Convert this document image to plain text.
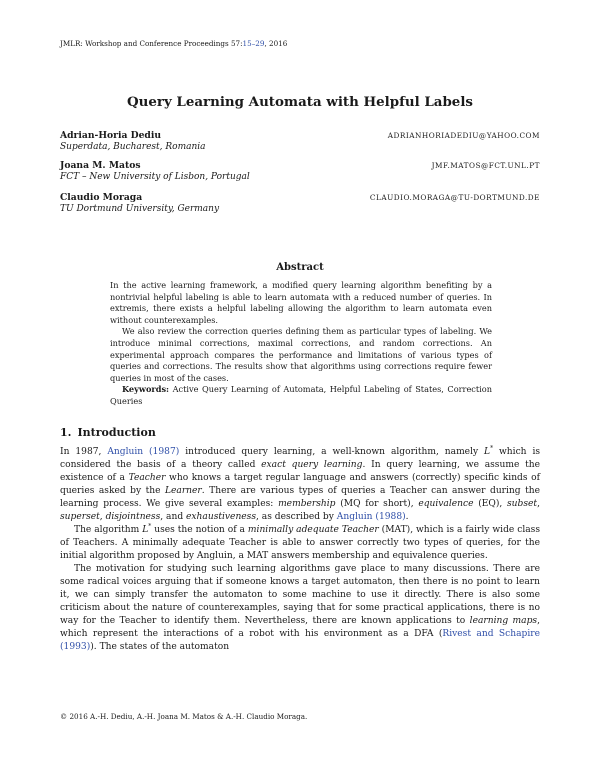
JMLR: Workshop and Conference Proceedings 57:15–29, 2016
Query Learning Automata with Helpful Labels
Adrian-Horia Dediu	ADRIANHORIADEDIU@YAHOO.COM
Superdata, Bucharest, Romania
Joana M. Matos	JMF.MATOS@FCT.UNL.PT
FCT – New University of Lisbon, Portugal
Claudio Moraga	CLAUDIO.MORAGA@TU-DORTMUND.DE
TU Dortmund University, Germany
Abstract

In the active learning framework, a modified query learning algorithm benefiting by a nontrivial helpful labeling is able to learn automata with a reduced number of queries. In extremis, there exists a helpful labeling allowing the algorithm to learn automata even without counterexamples.

We also review the correction queries defining them as particular types of labeling. We introduce minimal corrections, maximal corrections, and random corrections. An experimental approach compares the performance and limitations of various types of queries and corrections. The results show that algorithms using corrections require fewer queries in most of the cases.

Keywords: Active Query Learning of Automata, Helpful Labeling of States, Correction Queries

1. Introduction

In 1987, Angluin (1987) introduced query learning, a well-known algorithm, namely L* which is considered the basis of a theory called exact query learning. In query learning, we assume the existence of a Teacher who knows a target regular language and answers (correctly) specific kinds of queries asked by the Learner. There are various types of queries a Teacher can answer during the learning process. We give several examples: membership (MQ for short), equivalence (EQ), subset, superset, disjointness, and exhaustiveness, as described by Angluin (1988).

The algorithm L* uses the notion of a minimally adequate Teacher (MAT), which is a fairly wide class of Teachers. A minimally adequate Teacher is able to answer correctly two types of queries, for the initial algorithm proposed by Angluin, a MAT answers membership and equivalence queries.

The motivation for studying such learning algorithms gave place to many discussions. There are some radical voices arguing that if someone knows a target automaton, then there is no point to learn it, we can simply transfer the automaton to some machine to use it directly. There is also some criticism about the nature of counterexamples, saying that for some practical applications, there is no way for the Teacher to identify them. Nevertheless, there are known applications to learning maps, which represent the interactions of a robot with his environment as a DFA (Rivest and Schapire (1993)). The states of the automaton

© 2016 A.-H. Dediu, A.-H. Joana M. Matos & A.-H. Claudio Moraga.
